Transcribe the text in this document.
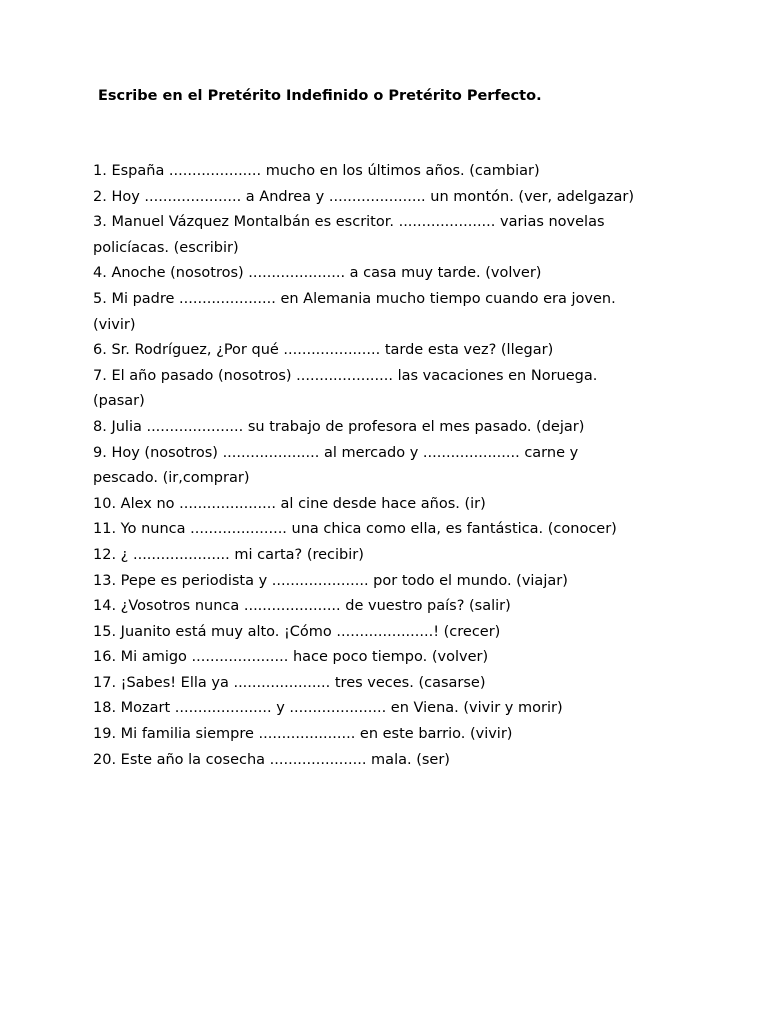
Escribe en el Pretérito Indefinido o Pretérito Perfecto.
1. España .................... mucho en los últimos años. (cambiar)
2. Hoy ..................... a Andrea y ..................... un montón. (ver, adelgazar)
3. Manuel Vázquez Montalbán es escritor. ..................... varias novelas
policíacas. (escribir)
4. Anoche (nosotros) ..................... a casa muy tarde. (volver)
5. Mi padre ..................... en Alemania mucho tiempo cuando era joven.
(vivir)
6. Sr. Rodríguez, ¿Por qué ..................... tarde esta vez? (llegar)
7. El año pasado (nosotros) ..................... las vacaciones en Noruega.
(pasar)
8. Julia ..................... su trabajo de profesora el mes pasado. (dejar)
9. Hoy (nosotros) ..................... al mercado y ..................... carne y
pescado. (ir,comprar)
10. Alex no ..................... al cine desde hace años. (ir)
11. Yo nunca ..................... una chica como ella, es fantástica. (conocer)
12. ¿ ..................... mi carta? (recibir)
13. Pepe es periodista y ..................... por todo el mundo. (viajar)
14. ¿Vosotros nunca ..................... de vuestro país? (salir)
15. Juanito está muy alto. ¡Cómo .....................! (crecer)
16. Mi amigo ..................... hace poco tiempo. (volver)
17. ¡Sabes! Ella ya ..................... tres veces. (casarse)
18. Mozart ..................... y ..................... en Viena. (vivir y morir)
19. Mi familia siempre ..................... en este barrio. (vivir)
20. Este año la cosecha ..................... mala. (ser)
